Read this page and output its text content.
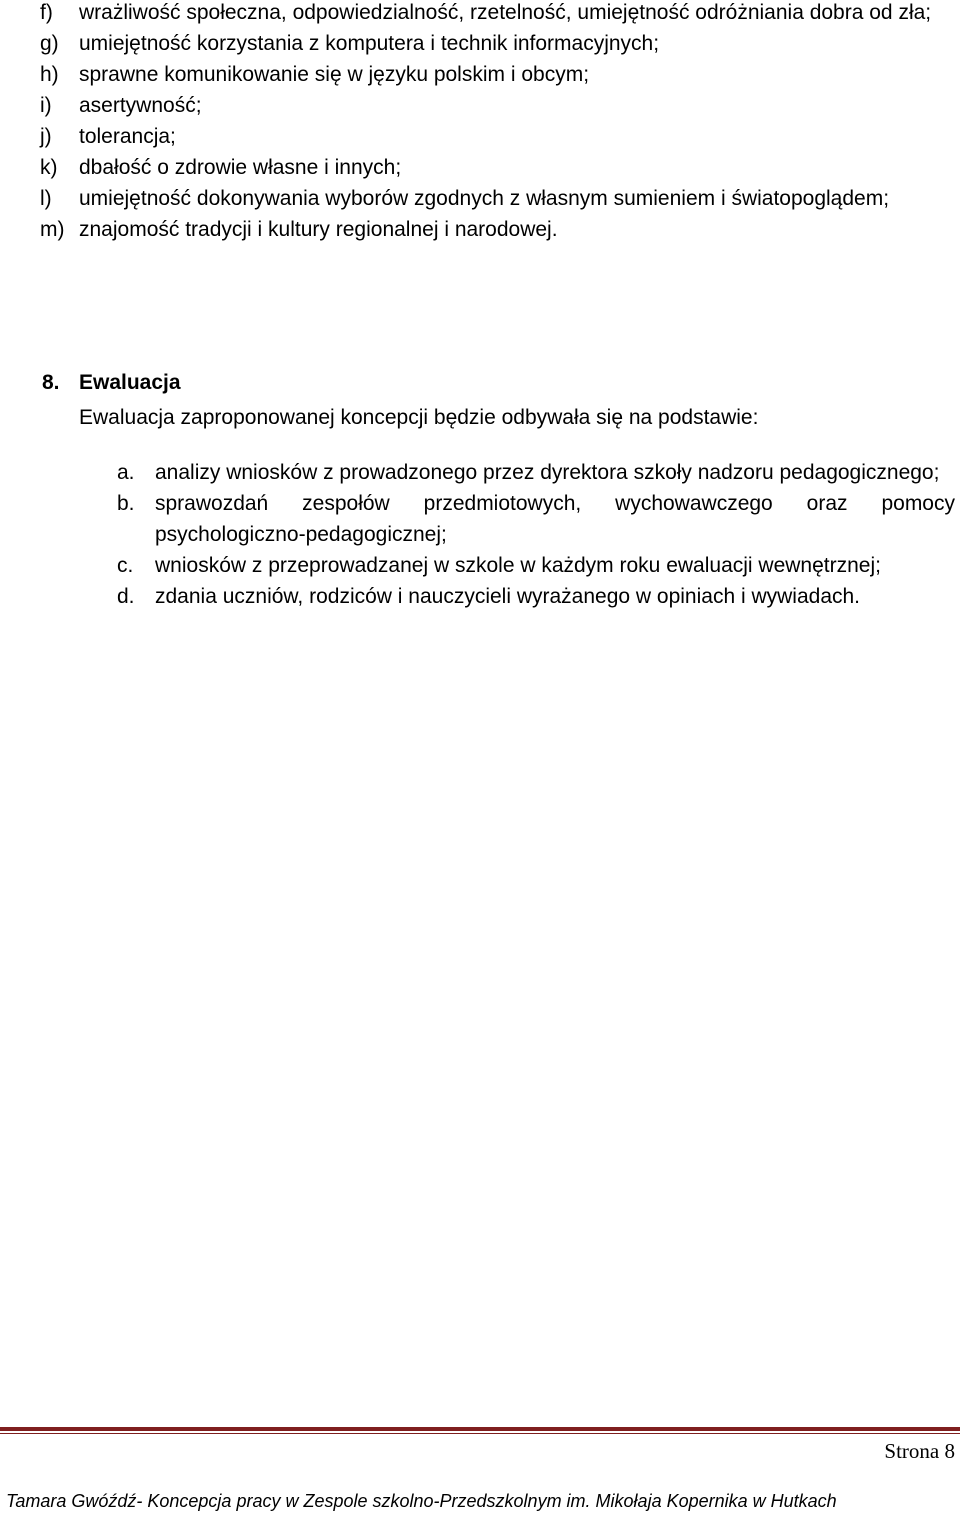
f) wrażliwość społeczna, odpowiedzialność, rzetelność, umiejętność odróżniania dobra od zła;
g) umiejętność korzystania z komputera i technik informacyjnych;
h) sprawne komunikowanie się w języku polskim i obcym;
i) asertywność;
j) tolerancja;
k) dbałość o zdrowie własne i innych;
l) umiejętność dokonywania wyborów zgodnych z własnym sumieniem i światopoglądem;
m) znajomość tradycji i kultury regionalnej i narodowej.
8. Ewaluacja
Ewaluacja zaproponowanej koncepcji będzie odbywała się na podstawie:
a. analizy wniosków z prowadzonego przez dyrektora szkoły nadzoru pedagogicznego;
b. sprawozdań zespołów przedmiotowych, wychowawczego oraz pomocy psychologiczno-pedagogicznej;
c. wniosków z przeprowadzanej w szkole w każdym roku ewaluacji wewnętrznej;
d. zdania uczniów, rodziców i nauczycieli wyrażanego w opiniach i wywiadach.
Strona 8
Tamara Gwóźdź- Koncepcja pracy w Zespole szkolno-Przedszkolnym im. Mikołaja Kopernika w Hutkach
